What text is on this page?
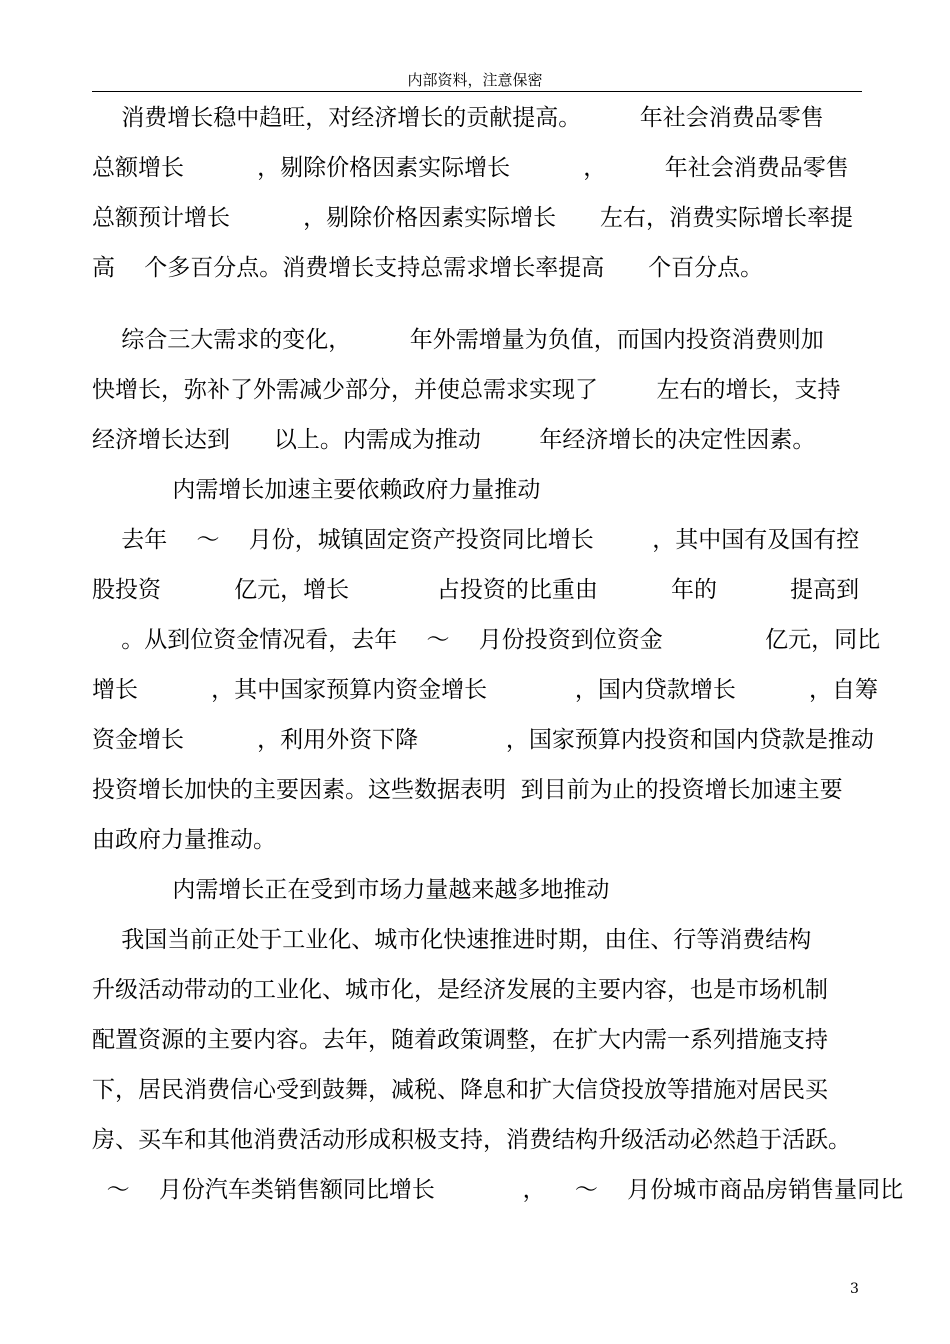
内部资料，注意保密
消费增长稳中趋旺，对经济增长的贡献提高。        年社会消费品零售
总额增长          ，剔除价格因素实际增长          ，        年社会消费品零售
总额预计增长          ，剔除价格因素实际增长      左右，消费实际增长率提
高    个多百分点。消费增长支持总需求增长率提高      个百分点。
综合三大需求的变化，        年外需增量为负值，而国内投资消费则加
快增长，弥补了外需减少部分，并使总需求实现了        左右的增长，支持
经济增长达到      以上。内需成为推动        年经济增长的决定性因素。
内需增长加速主要依赖政府力量推动
去年    ～    月份，城镇固定资产投资同比增长        ，其中国有及国有控
股投资          亿元，增长            占投资的比重由          年的          提高到
。从到位资金情况看，去年    ～    月份投资到位资金              亿元，同比
增长          ，其中国家预算内资金增长            ，国内贷款增长          ，自筹
资金增长          ，利用外资下降            ，国家预算内投资和国内贷款是推动
投资增长加快的主要因素。这些数据表明  到目前为止的投资增长加速主要
由政府力量推动。
内需增长正在受到市场力量越来越多地推动
我国当前正处于工业化、城市化快速推进时期，由住、行等消费结构
升级活动带动的工业化、城市化，是经济发展的主要内容，也是市场机制
配置资源的主要内容。去年，随着政策调整，在扩大内需一系列措施支持
下，居民消费信心受到鼓舞，减税、降息和扩大信贷投放等措施对居民买
房、买车和其他消费活动形成积极支持，消费结构升级活动必然趋于活跃。
～    月份汽车类销售额同比增长            ，    ～    月份城市商品房销售量同比
3
